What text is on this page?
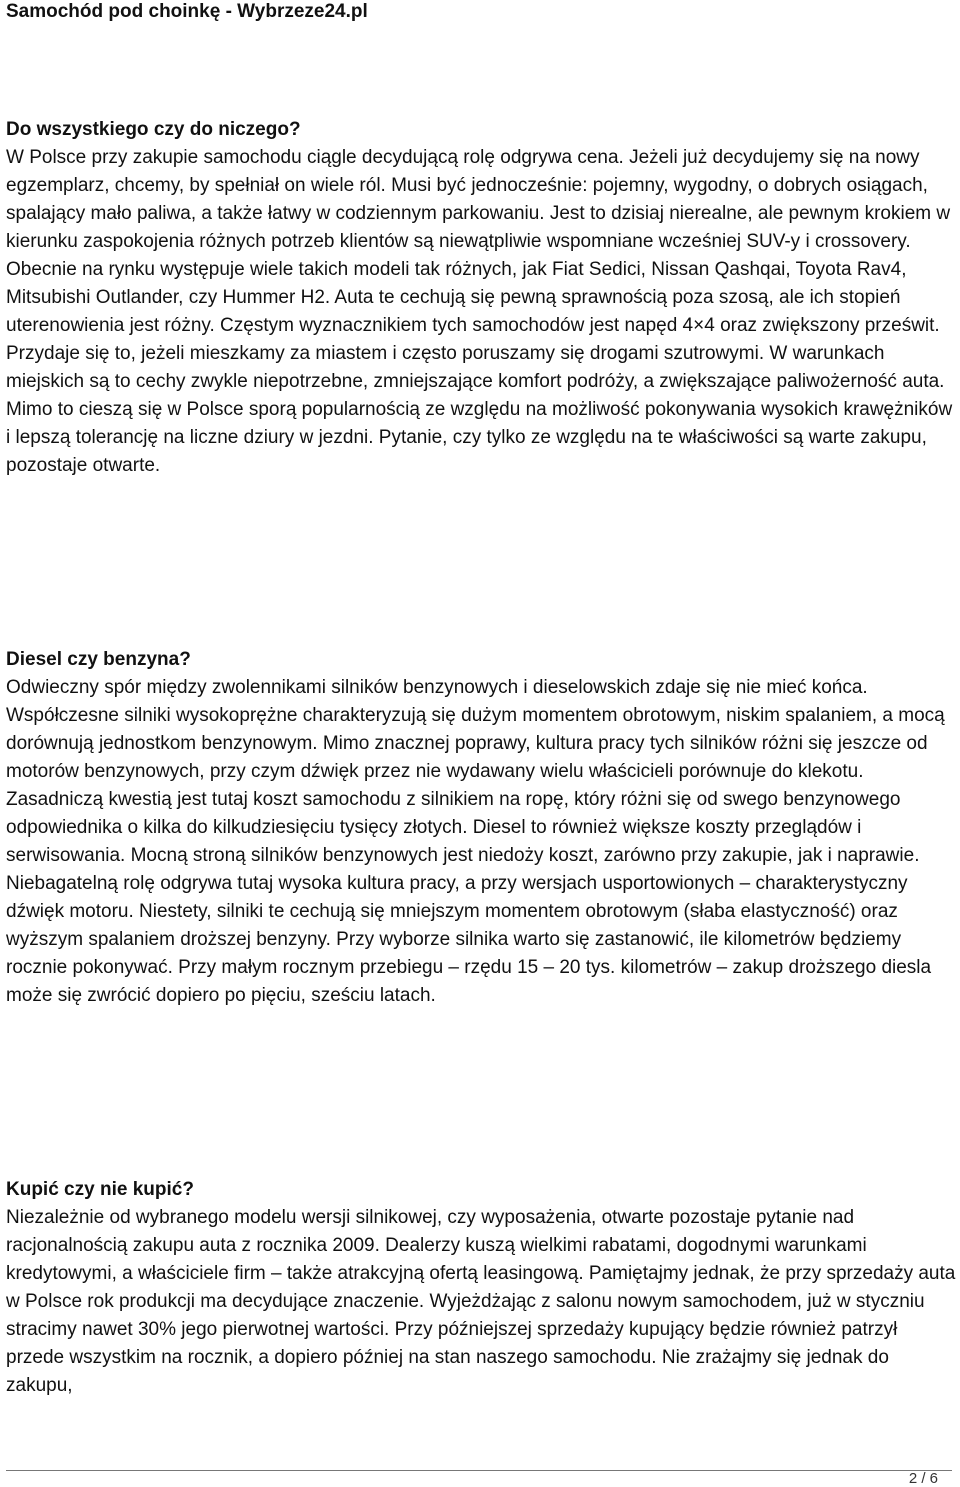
Samochód pod choinkę - Wybrzeze24.pl
Do wszystkiego czy do niczego?

W Polsce przy zakupie samochodu ciągle decydującą rolę odgrywa cena. Jeżeli już decydujemy się na nowy egzemplarz, chcemy, by spełniał on wiele ról. Musi być jednocześnie: pojemny, wygodny, o dobrych osiągach, spalający mało paliwa, a także łatwy w codziennym parkowaniu. Jest to dzisiaj nierealne, ale pewnym krokiem w kierunku zaspokojenia różnych potrzeb klientów są niewątpliwie wspomniane wcześniej SUV-y i crossovery. Obecnie na rynku występuje wiele takich modeli tak różnych, jak Fiat Sedici, Nissan Qashqai, Toyota Rav4, Mitsubishi Outlander, czy Hummer H2. Auta te cechują się pewną sprawnością poza szosą, ale ich stopień uterenowienia jest różny. Częstym wyznacznikiem tych samochodów jest napęd 4×4 oraz zwiększony prześwit. Przydaje się to, jeżeli mieszkamy za miastem i często poruszamy się drogami szutrowymi. W warunkach miejskich są to cechy zwykle niepotrzebne, zmniejszające komfort podróży, a zwiększające paliwożerność auta. Mimo to cieszą się w Polsce sporą popularnością ze względu na możliwość pokonywania wysokich krawężników i lepszą tolerancję na liczne dziury w jezdni. Pytanie, czy tylko ze względu na te właściwości są warte zakupu, pozostaje otwarte.

Diesel czy benzyna?

Odwieczny spór między zwolennikami silników benzynowych i dieselowskich zdaje się nie mieć końca. Współczesne silniki wysokoprężne charakteryzują się dużym momentem obrotowym, niskim spalaniem, a mocą dorównują jednostkom benzynowym. Mimo znacznej poprawy, kultura pracy tych silników różni się jeszcze od motorów benzynowych, przy czym dźwięk przez nie wydawany wielu właścicieli porównuje do klekotu. Zasadniczą kwestią jest tutaj koszt samochodu z silnikiem na ropę, który różni się od swego benzynowego odpowiednika o kilka do kilkudziesięciu tysięcy złotych. Diesel to również większe koszty przeglądów i serwisowania. Mocną stroną silników benzynowych jest niedoży koszt, zarówno przy zakupie, jak i naprawie. Niebagatelną rolę odgrywa tutaj wysoka kultura pracy, a przy wersjach usportowionych – charakterystyczny dźwięk motoru. Niestety, silniki te cechują się mniejszym momentem obrotowym (słaba elastyczność) oraz wyższym spalaniem droższej benzyny. Przy wyborze silnika warto się zastanowić, ile kilometrów będziemy rocznie pokonywać. Przy małym rocznym przebiegu – rzędu 15 – 20 tys. kilometrów – zakup droższego diesla może się zwrócić dopiero po pięciu, sześciu latach.

Kupić czy nie kupić?

Niezależnie od wybranego modelu wersji silnikowej, czy wyposażenia, otwarte pozostaje pytanie nad racjonalnością zakupu auta z rocznika 2009. Dealerzy kuszą wielkimi rabatami, dogodnymi warunkami kredytowymi, a właściciele firm – także atrakcyjną ofertą leasingową. Pamiętajmy jednak, że przy sprzedaży auta w Polsce rok produkcji ma decydujące znaczenie. Wyjeżdżając z salonu nowym samochodem, już w styczniu stracimy nawet 30% jego pierwotnej wartości. Przy późniejszej sprzedaży kupujący będzie również patrzył przede wszystkim na rocznik, a dopiero później na stan naszego samochodu. Nie zrażajmy się jednak do zakupu,

2 / 6
